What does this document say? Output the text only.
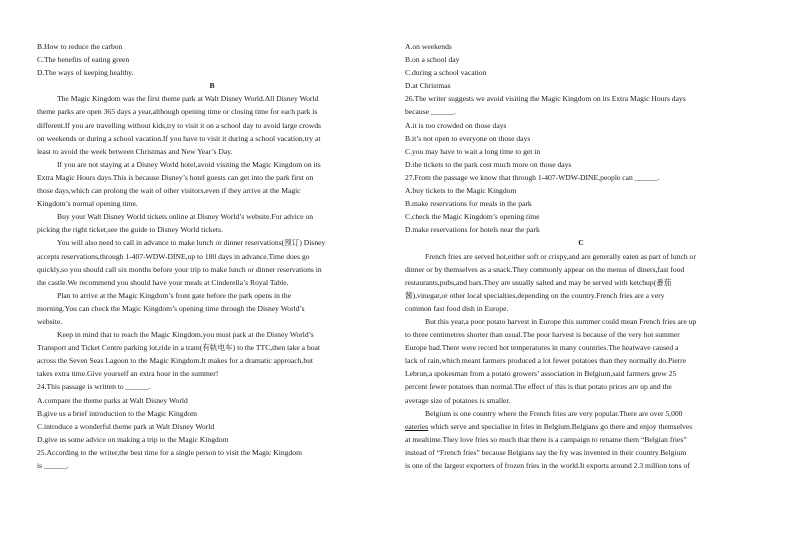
B.How to reduce the carbon
C.The benefits of eating green
D.The ways of keeping healthy.
B
The Magic Kingdom was the first theme park at Walt Disney World.All Disney World
theme parks are open 365 days a year,although opening time or closing time for each park is
different.If you are travelling without kids,try to visit it on a school day to avoid large crowds
on weekends or during a school vacation.If you have to visit it during a school vacation,try at
least to avoid the week between Christmas and New Year’s Day.
If you are not staying at a Disney World hotel,avoid visiting the Magic Kingdom on its
Extra Magic Hours days.This is because Disney’s hotel guests can get into the park first on
those days,which can prolong the wait of other visitors,even if they arrive at the Magic
Kingdom’s normal opening time.
Buy your Walt Disney World tickets online at Disney World’s website.For advice on
picking the right ticket,see the guide to Disney World tickets.
You will also need to call in advance to make lunch or dinner reservations(预订) Disney
accepts reservations,through 1-407-WDW-DINE,up to 180 days in advance.Time does go
quickly,so you should call six months before your trip to make lunch or dinner reservations in
the castle.We recommend you should have your meals at Cinderella’s Royal Table.
Plan to arrive at the Magic Kingdom’s front gate before the park opens in the
morning.You can check the Magic Kingdom’s opening time through the Disney World’s
website.
Keep in mind that to reach the Magic Kingdom,you must park at the Disney World’s
Transport and Ticket Centre parking lot,ride in a tram(有轨电车) to the TTC,then take a boat
across the Seven Seas Lagoon to the Magic Kingdom.It makes for a dramatic approach,but
takes extra time.Give yourself an extra hour in the summer!
24.This passage is written to ______.
A.compare the theme parks at Walt Disney World
B.give us a brief introduction to the Magic Kingdom
C.introduce a wonderful theme park at Walt Disney World
D.give us some advice on making a trip to the Magic Kingdom
25.According to the writer,the best time for a single person to visit the Magic Kingdom
is ______.
A.on weekends
B.on a school day
C.during a school vacation
D.at Christmas
26.The writer suggests we avoid visiting the Magic Kingdom on its Extra Magic Hours days
because ______.
A.it is too crowded on those days
B.it’s not open to everyone on those days
C.you may have to wait a long time to get in
D.the tickets to the park cost much more on those days
27.From the passage we know that through 1-407-WDW-DINE,people can ______.
A.buy tickets to the Magic Kingdom
B.make reservations for meals in the park
C.check the Magic Kingdom’s opening time
D.make reservations for hotels near the park
C
French fries are served hot,either soft or crispy,and are generally eaten as part of lunch or
dinner or by themselves as a snack.They commonly appear on the menus of diners,fast food
restaurants,pubs,and bars.They are usually salted and may be served with ketchup(番茄
酱),vinegar,or other local specialties,depending on the country.French fries are a very
common fast food dish in Europe.
But this year,a poor potato harvest in Europe this summer could mean French fries are up
to three centimetres shorter than usual.The poor harvest is because of the very hot summer
Europe had.There were record hot temperatures in many countries.The heatwave caused a
lack of rain,which meant farmers produced a lot fewer potatoes than they normally do.Pierre
Lebrun,a spokesman from a potato growers’ association in Belgium,said farmers grew 25
percent fewer potatoes than normal.The effect of this is that potato prices are up and the
average size of potatoes is smaller.
Belgium is one country where the French fries are very popular.There are over 5,000
eateries which serve and specialise in fries in Belgium.Belgians go there and enjoy themselves
at mealtime.They love fries so much that there is a campaign to rename them “Belgian fries”
instead of “French fries” because Belgians say the fry was invented in their country.Belgium
is one of the largest exporters of frozen fries in the world.It exports around 2.3 million tons of
